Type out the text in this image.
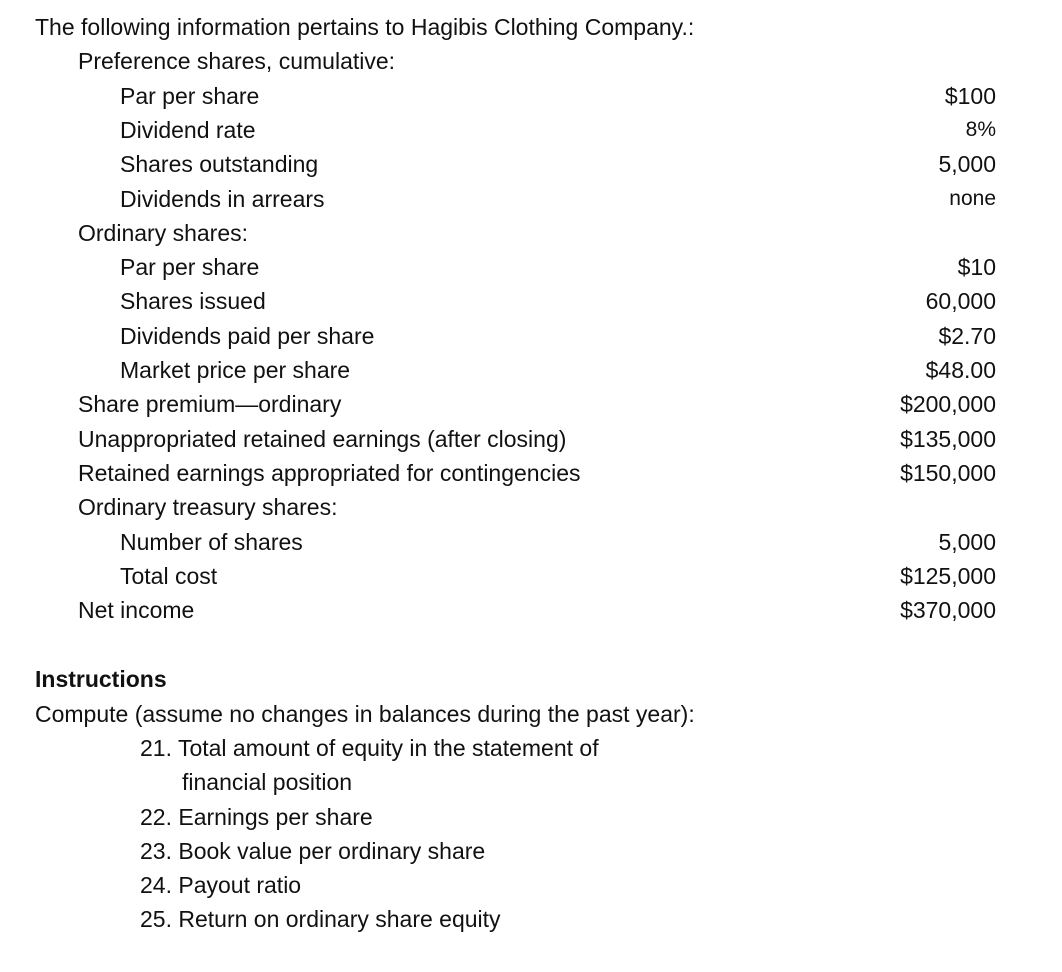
The following information pertains to Hagibis Clothing Company.:
Preference shares, cumulative:
Par per share	$100
Dividend rate	8%
Shares outstanding	5,000
Dividends in arrears	none
Ordinary shares:
Par per share	$10
Shares issued	60,000
Dividends paid per share	$2.70
Market price per share	$48.00
Share premium—ordinary	$200,000
Unappropriated retained earnings (after closing)	$135,000
Retained earnings appropriated for contingencies	$150,000
Ordinary treasury shares:
Number of shares	5,000
Total cost	$125,000
Net income	$370,000
Instructions
Compute (assume no changes in balances during the past year):
21. Total amount of equity in the statement of
financial position
22. Earnings per share
23. Book value per ordinary share
24. Payout ratio
25. Return on ordinary share equity
